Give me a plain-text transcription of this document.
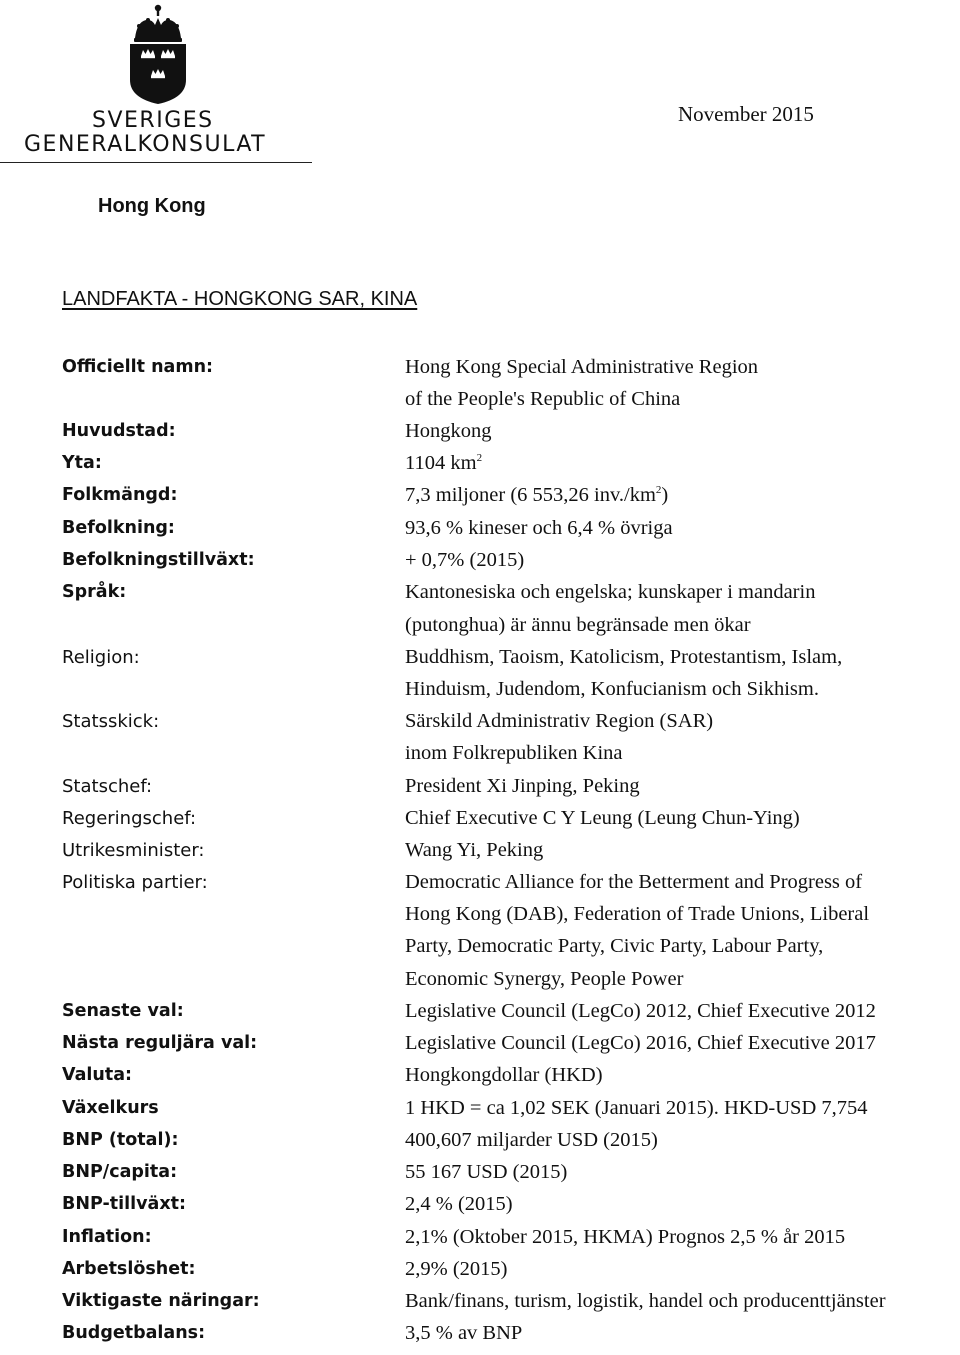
SVERIGES
GENERALKONSULAT
November 2015
Hong Kong
LANDFAKTA - HONGKONG SAR, KINA
Officiellt namn:	Hong Kong Special Administrative Region
of the People's Republic of China
Huvudstad:	Hongkong
Yta:	1104 $km^2$
Folkmängd:	7,3 miljoner (6 553,26 $inv./km^2$)
Befolkning:	93,6 % kineser och 6,4 % övriga
Befolkningstillväxt:	+ 0,7% (2015)
Språk:	Kantonesiska och engelska; kunskaper i mandarin
(putonghua) är ännu begränsade men ökar
Religion:	Buddhism, Taoism, Katolicism, Protestantism, Islam,
Hinduism, Judendom, Konfucianism och Sikhism.
Statsskick:	Särskild Administrativ Region (SAR)
inom Folkrepubliken Kina
Statschef:	President Xi Jinping, Peking
Regeringschef:	Chief Executive C Y Leung (Leung Chun-Ying)
Utrikesminister:	Wang Yi, Peking
Politiska partier:	Democratic Alliance for the Betterment and Progress of
Hong Kong (DAB), Federation of Trade Unions, Liberal
Party, Democratic Party, Civic Party, Labour Party,
Economic Synergy, People Power
Senaste val:	Legislative Council (LegCo) 2012, Chief Executive 2012
Nästa reguljära val:	Legislative Council (LegCo) 2016, Chief Executive 2017
Valuta:	Hongkongdollar (HKD)
Växelkurs	1 HKD = ca 1,02 SEK (Januari 2015). HKD-USD 7,754
BNP (total):	400,607 miljarder USD (2015)
BNP/capita:	55 167 USD (2015)
BNP-tillväxt:	2,4 % (2015)
Inflation:	2,1% (Oktober 2015, HKMA) Prognos 2,5 % år 2015
Arbetslöshet:	2,9% (2015)
Viktigaste näringar:	Bank/finans, turism, logistik, handel och producenttjänster
Budgetbalans:	3,5 % av BNP
